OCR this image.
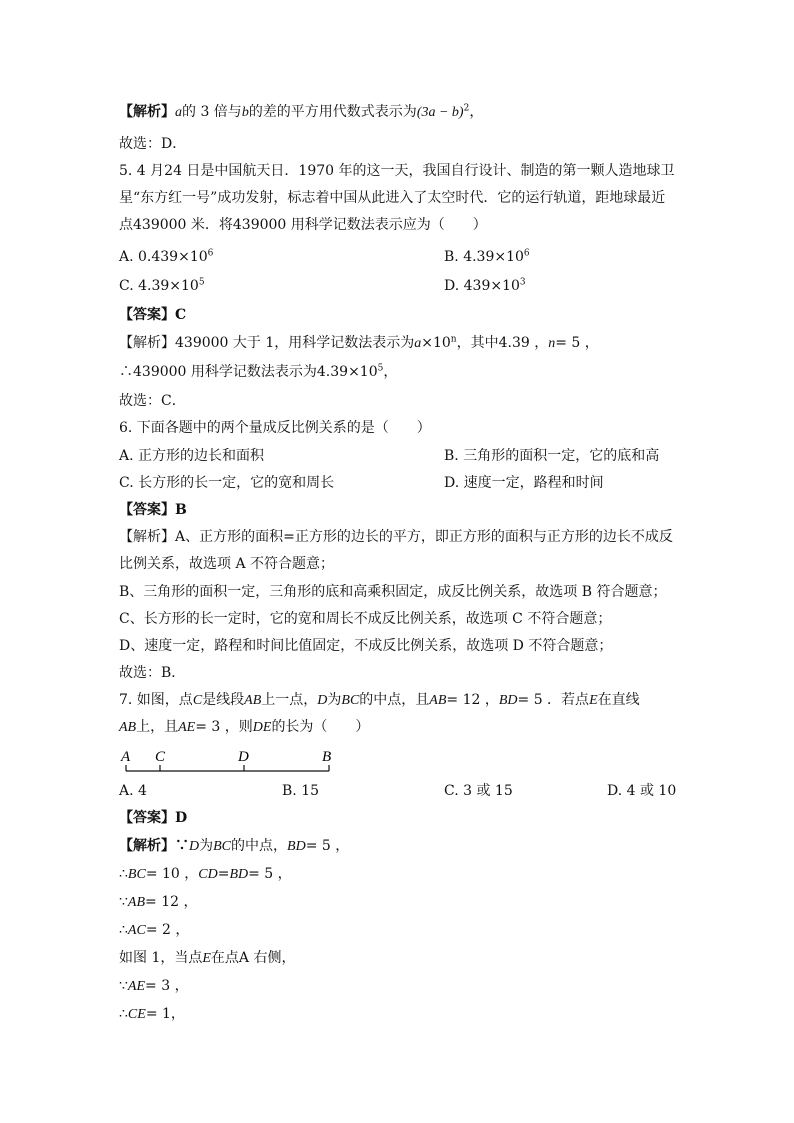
【解析】a的 3 倍与b的差的平方用代数式表示为$(3a - b)^2$，
故选：D．
5. 4 月24 日是中国航天日．1970 年的这一天，我国自行设计、制造的第一颗人造地球卫
星“东方红一号”成功发射，标志着中国从此进入了太空时代．它的运行轨道，距地球最近
点439000 米．将439000 用科学记数法表示应为（　　）
A. $0.439\times 10^6$	B. $4.39\times 10^6$
C. $4.39\times 10^5$	D. $439\times 10^3$
【答案】C
【解析】439000 大于 1，用科学记数法表示为$a\times 10^n$，其中4.39 ，n= 5 ，
∴439000 用科学记数法表示为$4.39\times 10^5$，
故选：C．
6. 下面各题中的两个量成反比例关系的是（　　）
A. 正方形的边长和面积	B. 三角形的面积一定，它的底和高
C. 长方形的长一定，它的宽和周长	D. 速度一定，路程和时间
【答案】B
【解析】A、正方形的面积=正方形的边长的平方，即正方形的面积与正方形的边长不成反
比例关系，故选项 A 不符合题意；
B、三角形的面积一定，三角形的底和高乘积固定，成反比例关系，故选项 B 符合题意；
C、长方形的长一定时，它的宽和周长不成反比例关系，故选项 C 不符合题意；
D、速度一定，路程和时间比值固定，不成反比例关系，故选项 D 不符合题意；
故选：B．
7. 如图，点C是线段AB上一点，D为BC的中点，且AB= 12 ，BD= 5 ．若点E在直线
AB上，且AE= 3 ，则DE的长为（　　）
A C	D	B
A. 4	B. 15	C. 3 或 15	D. 4 或 10
【答案】D
【解析】∵D为BC的中点，BD= 5 ，
∴BC= 10 ，CD=BD= 5 ，
∵AB= 12 ，
∴AC= 2 ，
如图 1，当点E在点A 右侧，
∵AE= 3 ，
∴CE= 1，
